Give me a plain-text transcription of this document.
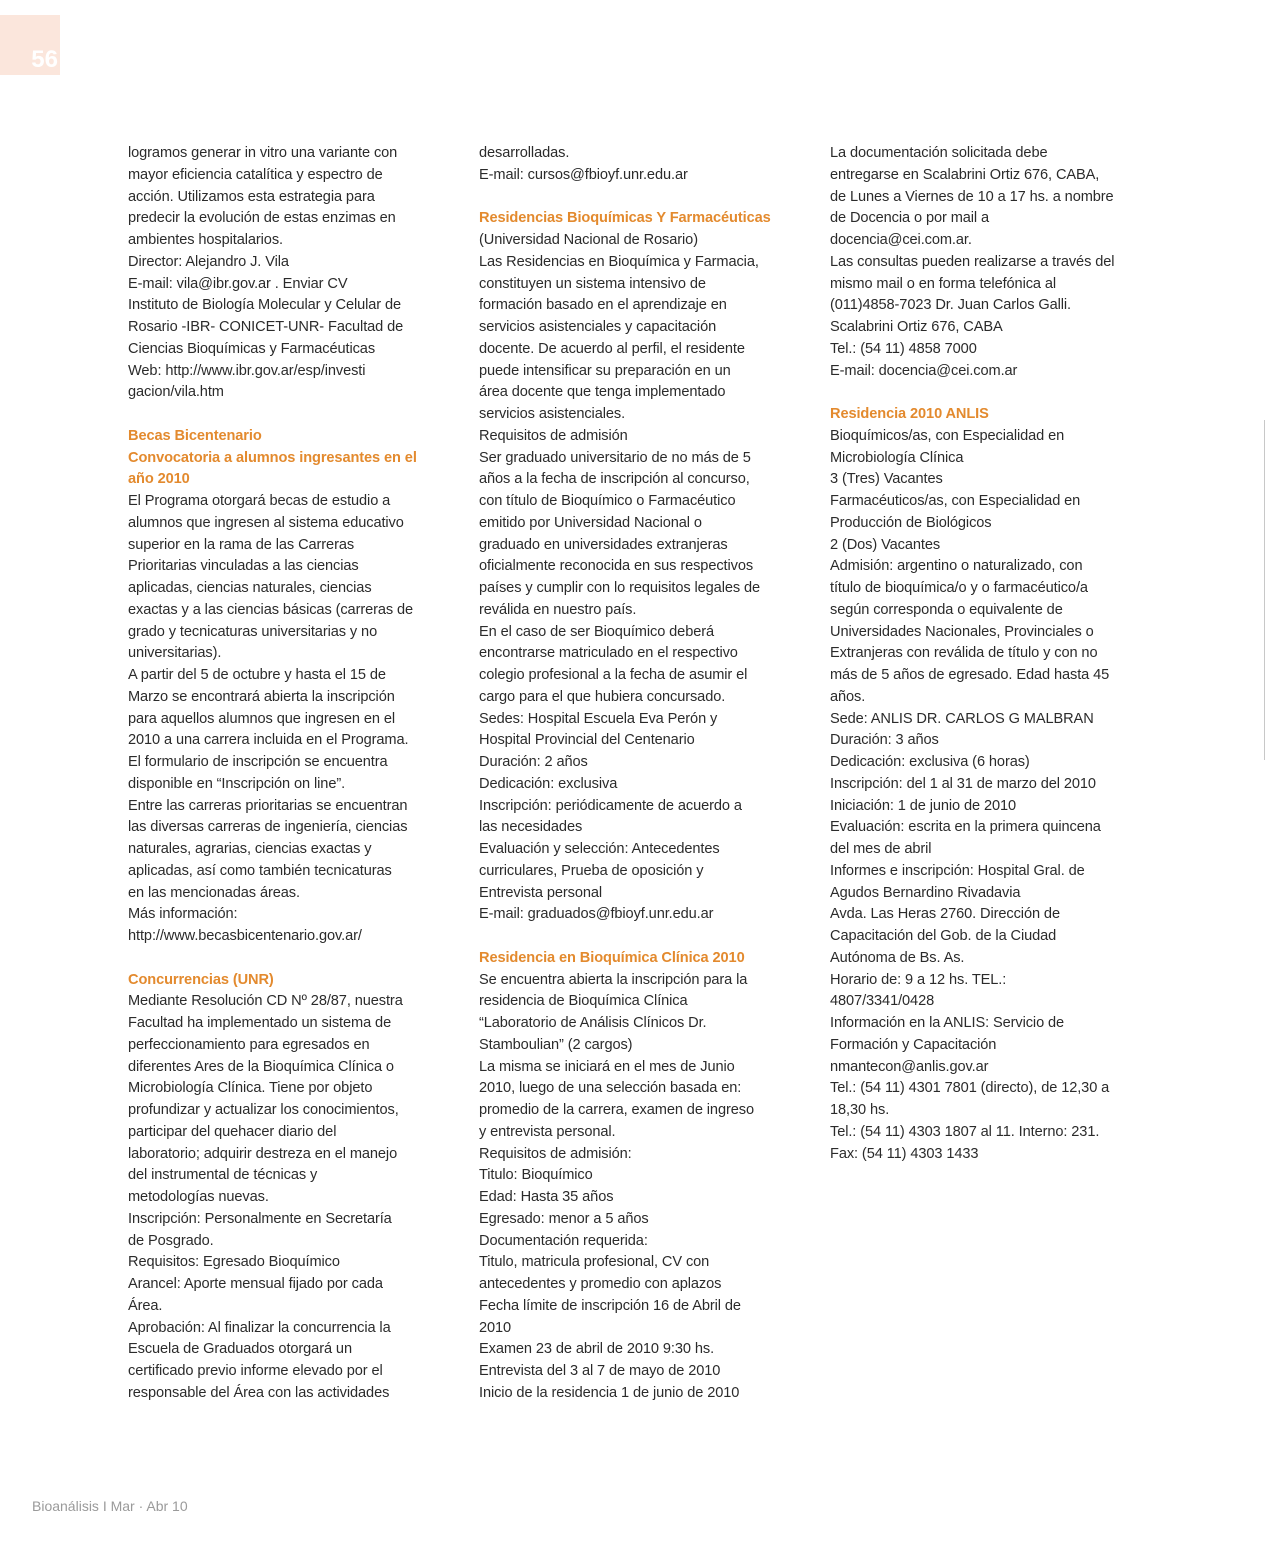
56
logramos generar in vitro una variante con
mayor eficiencia catalítica y espectro de
acción. Utilizamos esta estrategia para
predecir la evolución de estas enzimas en
ambientes hospitalarios.
Director: Alejandro J. Vila
E-mail: vila@ibr.gov.ar . Enviar CV
Instituto de Biología Molecular y Celular de
Rosario -IBR- CONICET-UNR- Facultad de
Ciencias Bioquímicas y Farmacéuticas
Web: http://www.ibr.gov.ar/esp/investi
gacion/vila.htm
Becas Bicentenario
Convocatoria a alumnos ingresantes en el
año 2010
El Programa otorgará becas de estudio a
alumnos que ingresen al sistema educativo
superior en la rama de las Carreras
Prioritarias vinculadas a las ciencias
aplicadas, ciencias naturales, ciencias
exactas y a las ciencias básicas (carreras de
grado y tecnicaturas universitarias y no
universitarias).
A partir del 5 de octubre y hasta el 15 de
Marzo se encontrará abierta la inscripción
para aquellos alumnos que ingresen en el
2010 a una carrera incluida en el Programa.
El formulario de inscripción se encuentra
disponible en “Inscripción on line”.
Entre las carreras prioritarias se encuentran
las diversas carreras de ingeniería, ciencias
naturales, agrarias, ciencias exactas y
aplicadas, así como también tecnicaturas
en las mencionadas áreas.
Más información:
http://www.becasbicentenario.gov.ar/
Concurrencias (UNR)
Mediante Resolución CD Nº 28/87, nuestra
Facultad ha implementado un sistema de
perfeccionamiento para egresados en
diferentes Ares de la Bioquímica Clínica o
Microbiología Clínica. Tiene por objeto
profundizar y actualizar los conocimientos,
participar del quehacer diario del
laboratorio; adquirir destreza en el manejo
del instrumental de técnicas y
metodologías nuevas.
Inscripción: Personalmente en Secretaría
de Posgrado.
Requisitos: Egresado Bioquímico
Arancel: Aporte mensual fijado por cada
Área.
Aprobación: Al finalizar la concurrencia la
Escuela de Graduados otorgará un
certificado previo informe elevado por el
responsable del Área con las actividades
desarrolladas.
E-mail: cursos@fbioyf.unr.edu.ar
Residencias Bioquímicas Y Farmacéuticas
(Universidad Nacional de Rosario)
Las Residencias en Bioquímica y Farmacia,
constituyen un sistema intensivo de
formación basado en el aprendizaje en
servicios asistenciales y capacitación
docente. De acuerdo al perfil, el residente
puede intensificar su preparación en un
área docente que tenga implementado
servicios asistenciales.
Requisitos de admisión
Ser graduado universitario de no más de 5
años a la fecha de inscripción al concurso,
con título de Bioquímico o Farmacéutico
emitido por Universidad Nacional o
graduado en universidades extranjeras
oficialmente reconocida en sus respectivos
países y cumplir con lo requisitos legales de
reválida en nuestro país.
En el caso de ser Bioquímico deberá
encontrarse matriculado en el respectivo
colegio profesional a la fecha de asumir el
cargo para el que hubiera concursado.
Sedes: Hospital Escuela Eva Perón y
Hospital Provincial del Centenario
Duración: 2 años
Dedicación: exclusiva
Inscripción: periódicamente de acuerdo a
las necesidades
Evaluación y selección: Antecedentes
curriculares, Prueba de oposición y
Entrevista personal
E-mail: graduados@fbioyf.unr.edu.ar
Residencia en Bioquímica Clínica 2010
Se encuentra abierta la inscripción para la
residencia de Bioquímica Clínica
“Laboratorio de Análisis Clínicos Dr.
Stamboulian” (2 cargos)
La misma se iniciará en el mes de Junio
2010, luego de una selección basada en:
promedio de la carrera, examen de ingreso
y entrevista personal.
Requisitos de admisión:
Titulo: Bioquímico
Edad: Hasta 35 años
Egresado: menor a 5 años
Documentación requerida:
Titulo, matricula profesional, CV con
antecedentes y promedio con aplazos
Fecha límite de inscripción 16 de Abril de
2010
Examen 23 de abril de 2010 9:30 hs.
Entrevista del 3 al 7 de mayo de 2010
Inicio de la residencia 1 de junio de 2010
La documentación solicitada debe
entregarse en Scalabrini Ortiz 676, CABA,
de Lunes a Viernes de 10 a 17 hs. a nombre
de Docencia o por mail a
docencia@cei.com.ar.
Las consultas pueden realizarse a través del
mismo mail o en forma telefónica al
(011)4858-7023 Dr. Juan Carlos Galli.
Scalabrini Ortiz 676, CABA
Tel.: (54 11) 4858 7000
E-mail: docencia@cei.com.ar
Residencia 2010 ANLIS
Bioquímicos/as, con Especialidad en
Microbiología Clínica
3 (Tres) Vacantes
Farmacéuticos/as, con Especialidad en
Producción de Biológicos
2 (Dos) Vacantes
Admisión: argentino o naturalizado, con
título de bioquímica/o y o farmacéutico/a
según corresponda o equivalente de
Universidades Nacionales, Provinciales o
Extranjeras con reválida de título y con no
más de 5 años de egresado. Edad hasta 45
años.
Sede: ANLIS DR. CARLOS G MALBRAN
Duración: 3 años
Dedicación: exclusiva (6 horas)
Inscripción: del 1 al 31 de marzo del 2010
Iniciación: 1 de junio de 2010
Evaluación: escrita en la primera quincena
del mes de abril
Informes e inscripción: Hospital Gral. de
Agudos Bernardino Rivadavia
Avda. Las Heras 2760. Dirección de
Capacitación del Gob. de la Ciudad
Autónoma de Bs. As.
Horario de: 9 a 12 hs. TEL.:
4807/3341/0428
Información en la ANLIS: Servicio de
Formación y Capacitación
nmantecon@anlis.gov.ar
Tel.: (54 11) 4301 7801 (directo), de 12,30 a
18,30 hs.
Tel.: (54 11) 4303 1807 al 11. Interno: 231.
Fax: (54 11) 4303 1433
Bioanálisis I Mar · Abr 10
